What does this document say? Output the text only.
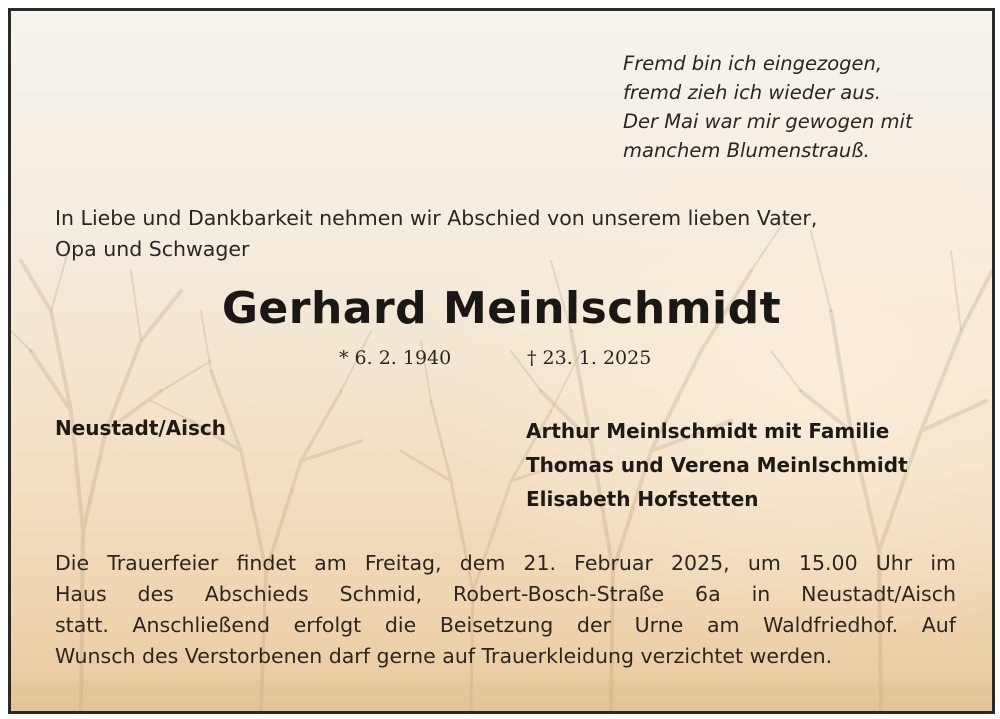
Fremd bin ich eingezogen,
fremd zieh ich wieder aus.
Der Mai war mir gewogen mit
manchem Blumenstrauß.
In Liebe und Dankbarkeit nehmen wir Abschied von unserem lieben Vater,
Opa und Schwager
Gerhard Meinlschmidt
* 6. 2. 1940	† 23. 1. 2025
Neustadt/Aisch	Arthur Meinlschmidt mit Familie
Thomas und Verena Meinlschmidt
Elisabeth Hofstetten
Die Trauerfeier findet am Freitag, dem 21. Februar 2025, um 15.00 Uhr im
Haus des Abschieds Schmid, Robert-Bosch-Straße 6a in Neustadt/Aisch
statt. Anschließend erfolgt die Beisetzung der Urne am Waldfriedhof. Auf
Wunsch des Verstorbenen darf gerne auf Trauerkleidung verzichtet werden.
